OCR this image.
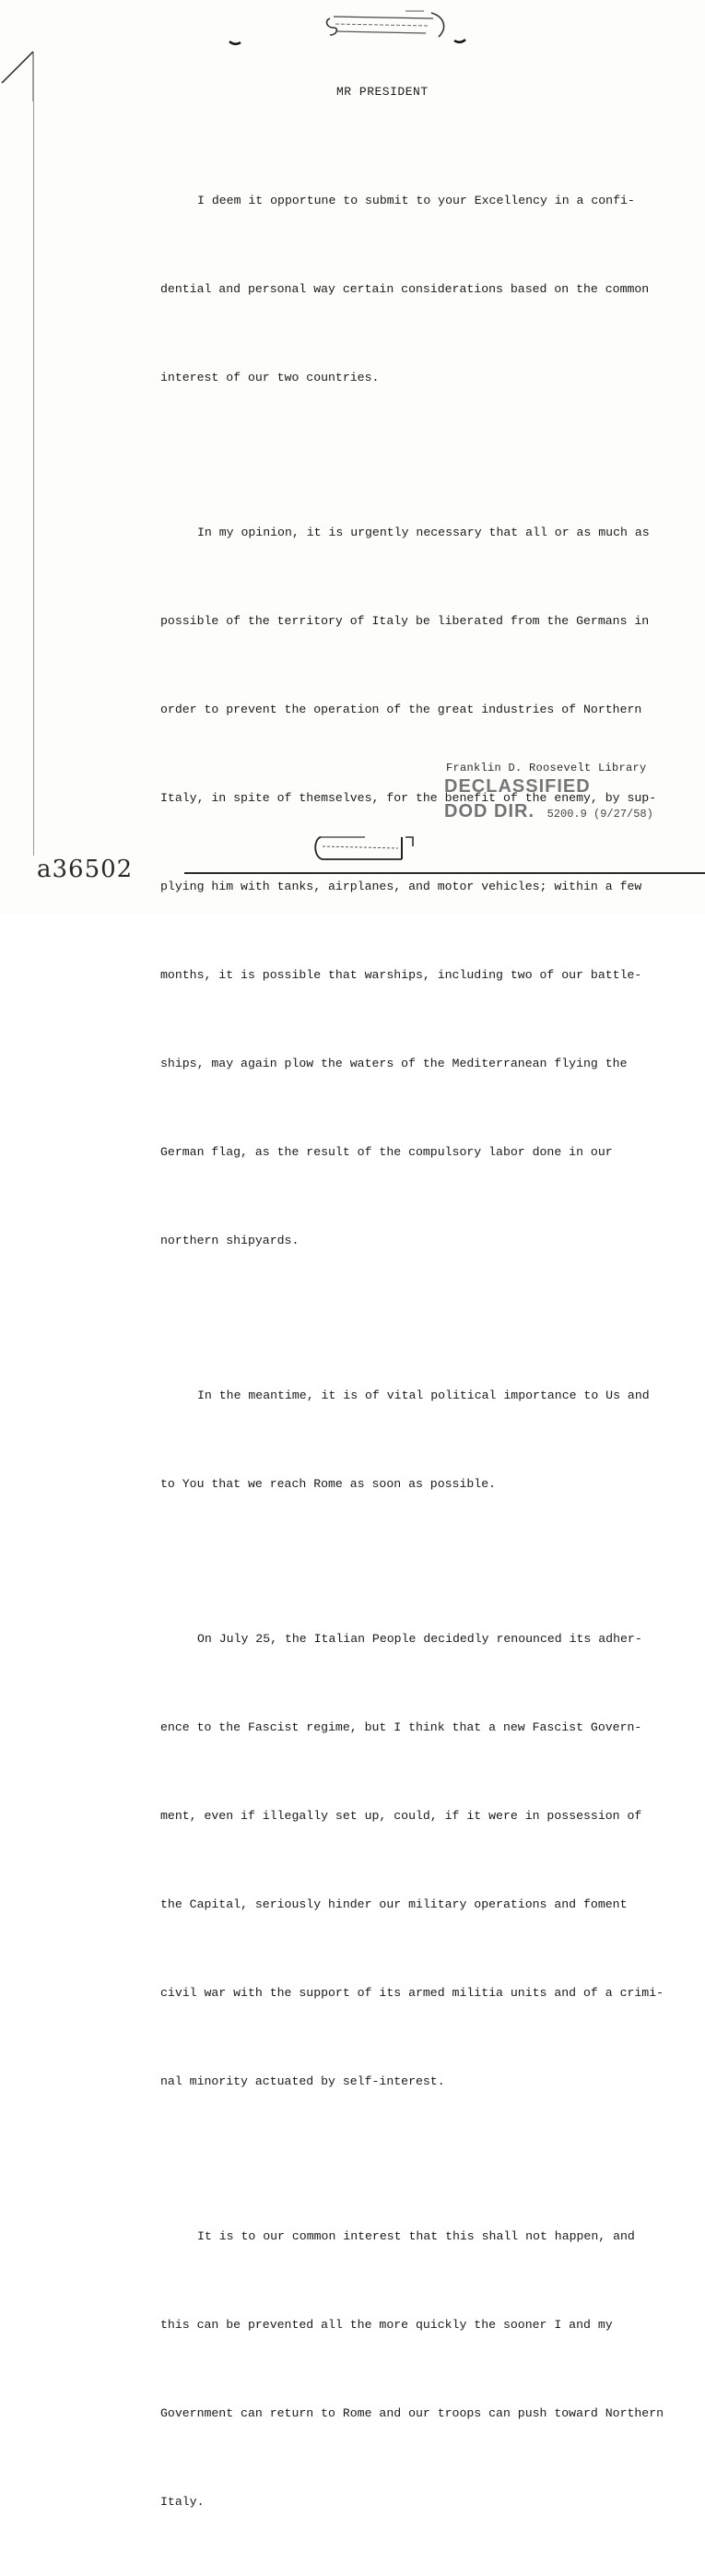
MR PRESIDENT

I deem it opportune to submit to your Excellency in a confi-

dential and personal way certain considerations based on the common

interest of our two countries.

In my opinion, it is urgently necessary that all or as much as

possible of the territory of Italy be liberated from the Germans in

order to prevent the operation of the great industries of Northern

Italy, in spite of themselves, for the benefit of the enemy, by sup-

plying him with tanks, airplanes, and motor vehicles; within a few

months, it is possible that warships, including two of our battle-

ships, may again plow the waters of the Mediterranean flying the

German flag, as the result of the compulsory labor done in our

northern shipyards.

In the meantime, it is of vital political importance to Us and

to You that we reach Rome as soon as possible.

On July 25, the Italian People decidedly renounced its adher-

ence to the Fascist regime, but I think that a new Fascist Govern-

ment, even if illegally set up, could, if it were in possession of

the Capital, seriously hinder our military operations and foment

civil war with the support of its armed militia units and of a crimi-

nal minority actuated by self-interest.

It is to our common interest that this shall not happen, and

this can be prevented all the more quickly the sooner I and my

Government can return to Rome and our troops can push toward Northern

Italy.

Franklin D. Roosevelt Library
DECLASSIFIED
DOD DIR. 5200.9 (9/27/58)
a36502
